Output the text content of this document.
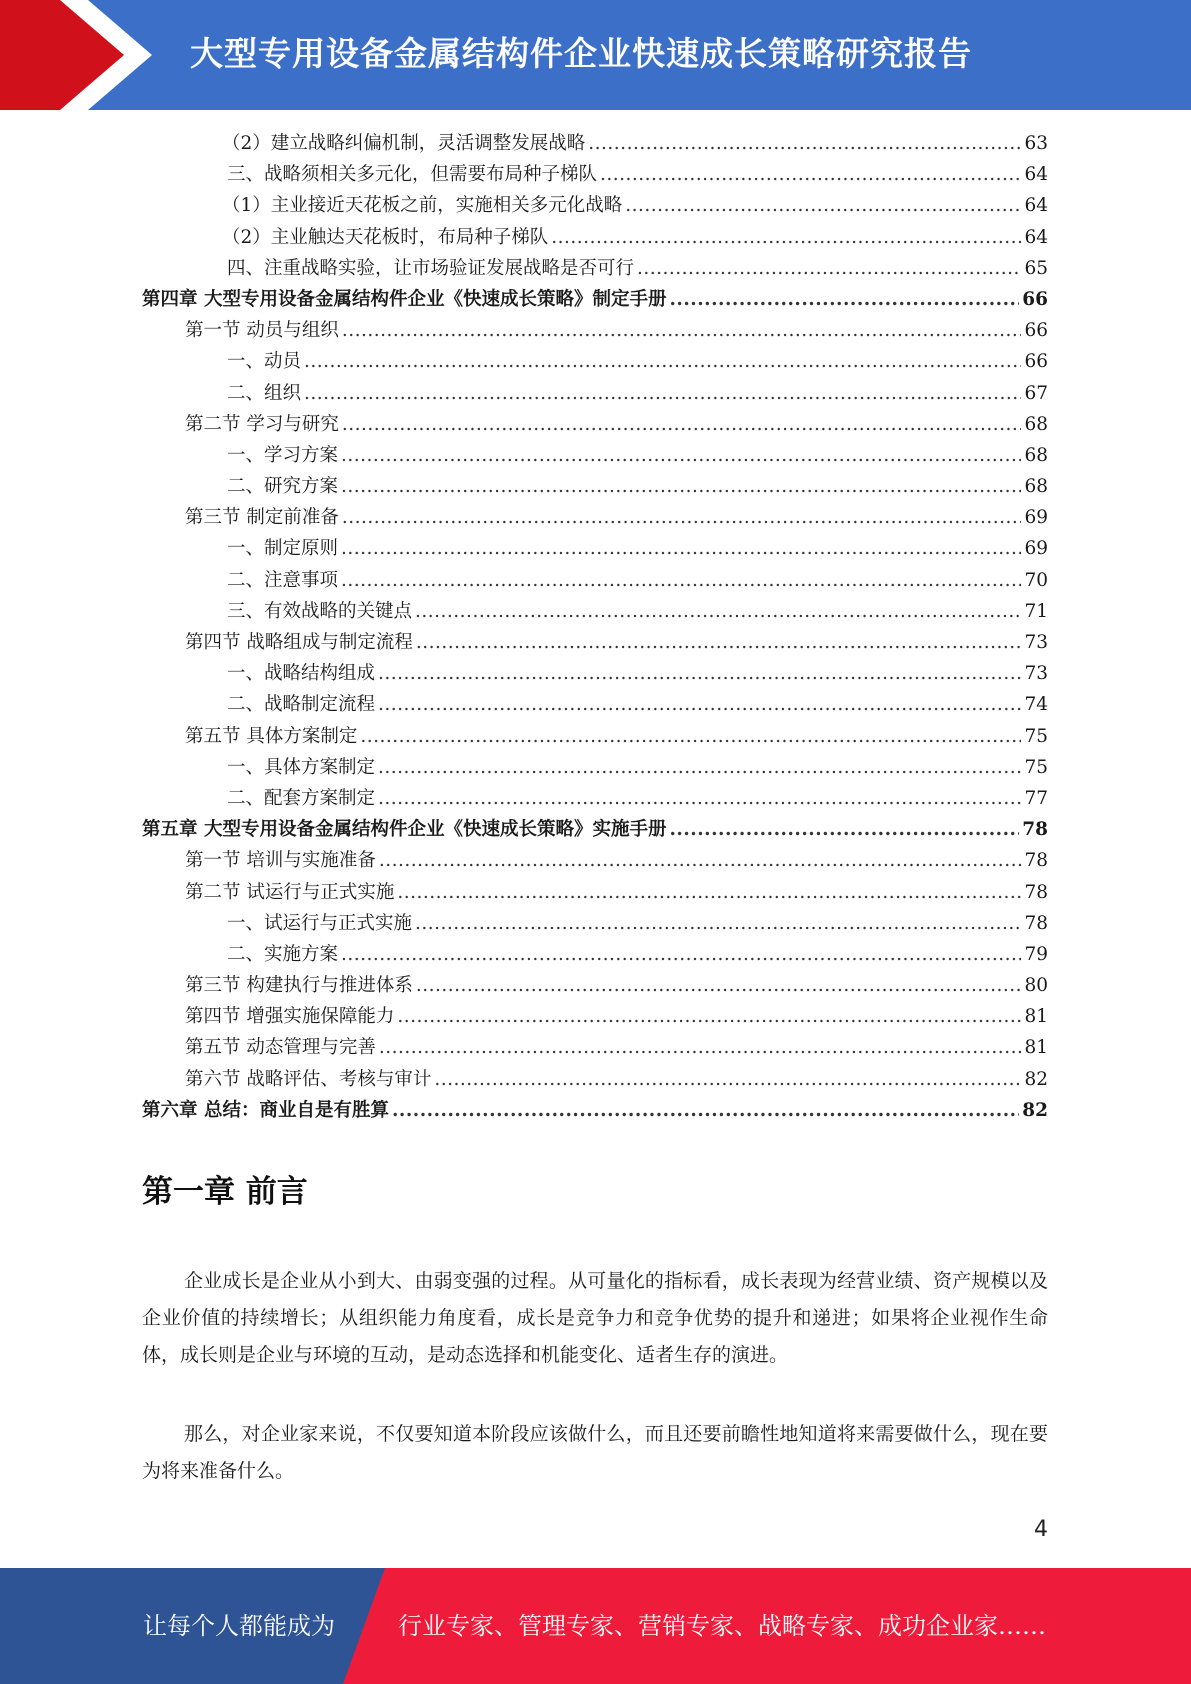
大型专用设备金属结构件企业快速成长策略研究报告
（2）建立战略纠偏机制，灵活调整发展战略 .....	63
三、战略须相关多元化，但需要布局种子梯队 .....	64
（1）主业接近天花板之前，实施相关多元化战略 .....	64
（2）主业触达天花板时，布局种子梯队 .....	64
四、注重战略实验，让市场验证发展战略是否可行 .....	65
第四章 大型专用设备金属结构件企业《快速成长策略》制定手册 .....	66
第一节 动员与组织 .....	66
一、动员 .....	66
二、组织 .....	67
第二节 学习与研究 .....	68
一、学习方案 .....	68
二、研究方案 .....	68
第三节 制定前准备 .....	69
一、制定原则 .....	69
二、注意事项 .....	70
三、有效战略的关键点 .....	71
第四节 战略组成与制定流程 .....	73
一、战略结构组成 .....	73
二、战略制定流程 .....	74
第五节 具体方案制定 .....	75
一、具体方案制定 .....	75
二、配套方案制定 .....	77
第五章 大型专用设备金属结构件企业《快速成长策略》实施手册 .....	78
第一节 培训与实施准备 .....	78
第二节 试运行与正式实施 .....	78
一、试运行与正式实施 .....	78
二、实施方案 .....	79
第三节 构建执行与推进体系 .....	80
第四节 增强实施保障能力 .....	81
第五节 动态管理与完善 .....	81
第六节 战略评估、考核与审计 .....	82
第六章 总结：商业自是有胜算 .....	82
第一章 前言

企业成长是企业从小到大、由弱变强的过程。从可量化的指标看，成长表现为经营业绩、资产规模以及企业价值的持续增长；从组织能力角度看，成长是竞争力和竞争优势的提升和递进；如果将企业视作生命体，成长则是企业与环境的互动，是动态选择和机能变化、适者生存的演进。

那么，对企业家来说，不仅要知道本阶段应该做什么，而且还要前瞻性地知道将来需要做什么，现在要为将来准备什么。

4
让每个人都能成为	行业专家、管理专家、营销专家、战略专家、成功企业家……
